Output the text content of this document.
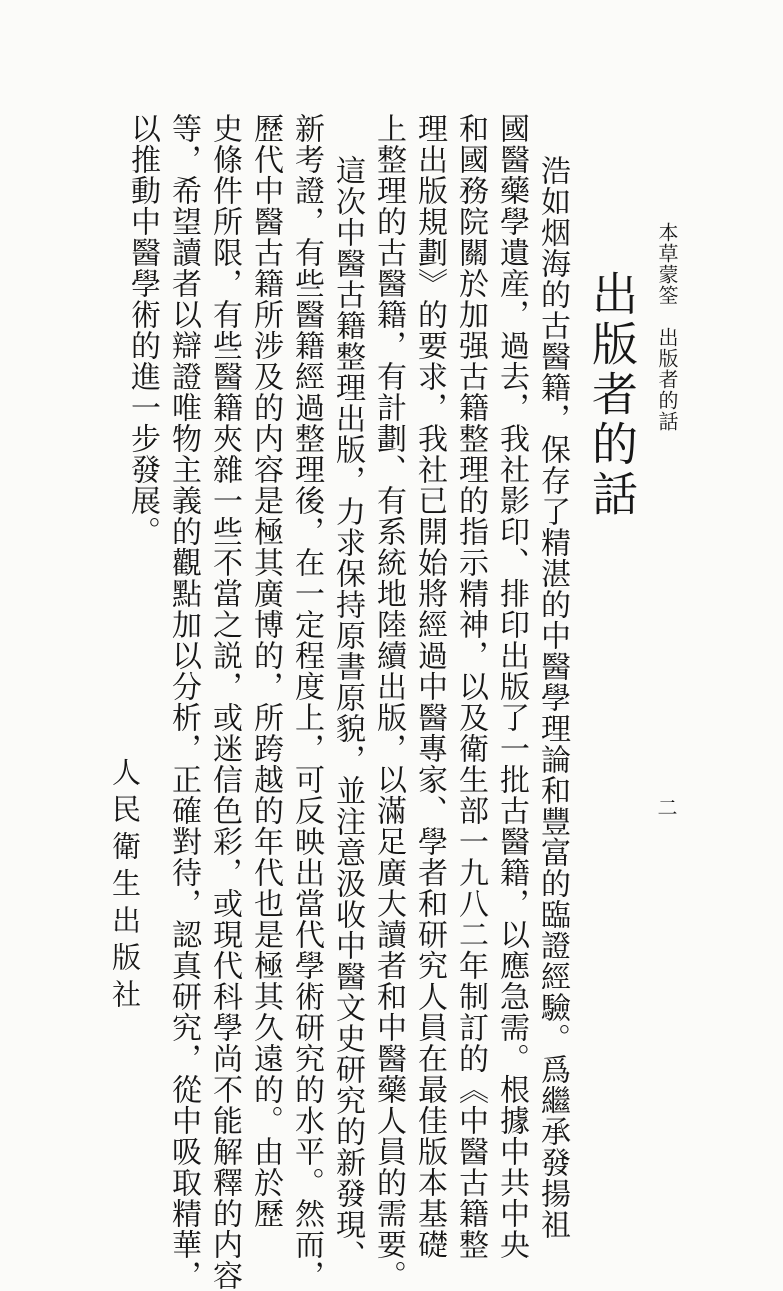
本草蒙筌　出版者的話
二
出版者的話
浩如烟海的古醫籍，保存了精湛的中醫學理論和豐富的臨證經驗。爲繼承發揚祖
國醫藥學遺産，過去，我社影印、排印出版了一批古醫籍，以應急需。根據中共中央
和國務院關於加强古籍整理的指示精神，以及衛生部一九八二年制訂的《中醫古籍整
理出版規劃》的要求，我社已開始將經過中醫專家、學者和研究人員在最佳版本基礎
上整理的古醫籍，有計劃、有系統地陸續出版，以滿足廣大讀者和中醫藥人員的需要。
這次中醫古籍整理出版，力求保持原書原貌，並注意汲收中醫文史研究的新發現、
新考證，有些醫籍經過整理後，在一定程度上，可反映出當代學術研究的水平。然而，
歷代中醫古籍所涉及的内容是極其廣博的，所跨越的年代也是極其久遠的。由於歷
史條件所限，有些醫籍夾雜一些不當之説，或迷信色彩，或現代科學尚不能解釋的内容
等，希望讀者以辯證唯物主義的觀點加以分析，正確對待，認真研究，從中吸取精華，
以推動中醫學術的進一步發展。
人民衛生出版社
